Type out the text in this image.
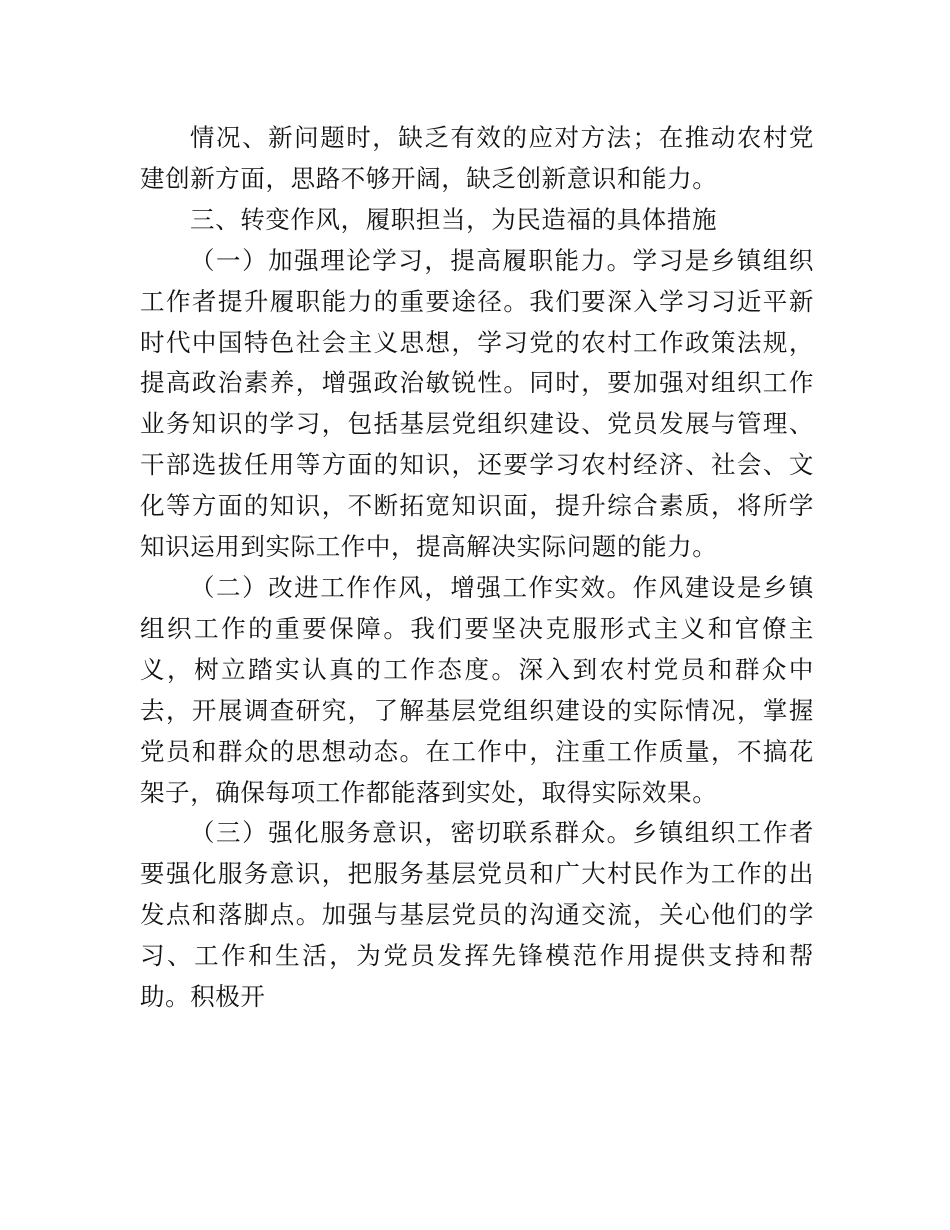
情况、新问题时，缺乏有效的应对方法；在推动农村党建创新方面，思路不够开阔，缺乏创新意识和能力。

三、转变作风，履职担当，为民造福的具体措施

（一）加强理论学习，提高履职能力。学习是乡镇组织工作者提升履职能力的重要途径。我们要深入学习习近平新时代中国特色社会主义思想，学习党的农村工作政策法规，提高政治素养，增强政治敏锐性。同时，要加强对组织工作业务知识的学习，包括基层党组织建设、党员发展与管理、干部选拔任用等方面的知识，还要学习农村经济、社会、文化等方面的知识，不断拓宽知识面，提升综合素质，将所学知识运用到实际工作中，提高解决实际问题的能力。

（二）改进工作作风，增强工作实效。作风建设是乡镇组织工作的重要保障。我们要坚决克服形式主义和官僚主义，树立踏实认真的工作态度。深入到农村党员和群众中去，开展调查研究，了解基层党组织建设的实际情况，掌握党员和群众的思想动态。在工作中，注重工作质量，不搞花架子，确保每项工作都能落到实处，取得实际效果。

（三）强化服务意识，密切联系群众。乡镇组织工作者要强化服务意识，把服务基层党员和广大村民作为工作的出发点和落脚点。加强与基层党员的沟通交流，关心他们的学习、工作和生活，为党员发挥先锋模范作用提供支持和帮助。积极开
